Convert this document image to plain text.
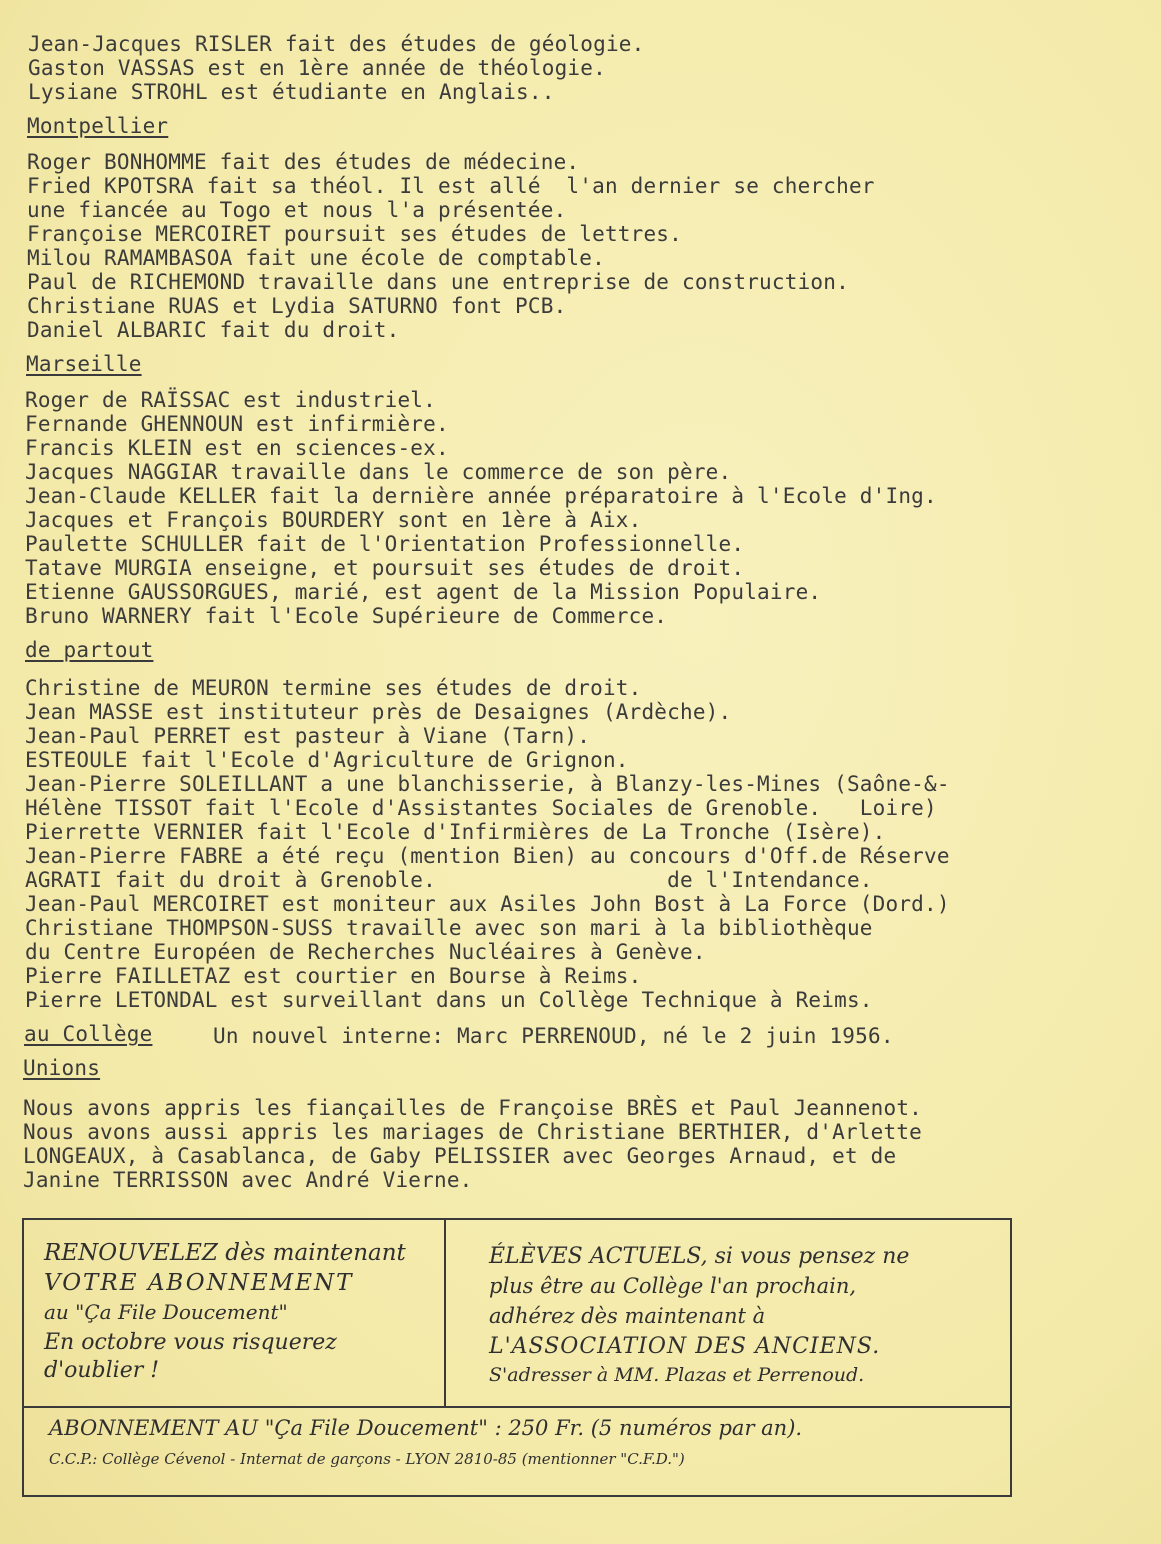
Jean-Jacques RISLER fait des études de géologie.
Gaston VASSAS est en 1ère année de théologie.
Lysiane STROHL est étudiante en Anglais..
Montpellier
Roger BONHOMME fait des études de médecine.
Fried KPOTSRA fait sa théol. Il est allé  l'an dernier se chercher
une fiancée au Togo et nous l'a présentée.
Françoise MERCOIRET poursuit ses études de lettres.
Milou RAMAMBASOA fait une école de comptable.
Paul de RICHEMOND travaille dans une entreprise de construction.
Christiane RUAS et Lydia SATURNO font PCB.
Daniel ALBARIC fait du droit.
Marseille
Roger de RAÏSSAC est industriel.
Fernande GHENNOUN est infirmière.
Francis KLEIN est en sciences-ex.
Jacques NAGGIAR travaille dans le commerce de son père.
Jean-Claude KELLER fait la dernière année préparatoire à l'Ecole d'Ing.
Jacques et François BOURDERY sont en 1ère à Aix.
Paulette SCHULLER fait de l'Orientation Professionnelle.
Tatave MURGIA enseigne, et poursuit ses études de droit.
Etienne GAUSSORGUES, marié, est agent de la Mission Populaire.
Bruno WARNERY fait l'Ecole Supérieure de Commerce.
de partout
Christine de MEURON termine ses études de droit.
Jean MASSE est instituteur près de Desaignes (Ardèche).
Jean-Paul PERRET est pasteur à Viane (Tarn).
ESTEOULE fait l'Ecole d'Agriculture de Grignon.
Jean-Pierre SOLEILLANT a une blanchisserie, à Blanzy-les-Mines (Saône-&-
Hélène TISSOT fait l'Ecole d'Assistantes Sociales de Grenoble.   Loire)
Pierrette VERNIER fait l'Ecole d'Infirmières de La Tronche (Isère).
Jean-Pierre FABRE a été reçu (mention Bien) au concours d'Off.de Réserve
AGRATI fait du droit à Grenoble.                  de l'Intendance.
Jean-Paul MERCOIRET est moniteur aux Asiles John Bost à La Force (Dord.)
Christiane THOMPSON-SUSS travaille avec son mari à la bibliothèque
du Centre Européen de Recherches Nucléaires à Genève.
Pierre FAILLETAZ est courtier en Bourse à Reims.
Pierre LETONDAL est surveillant dans un Collège Technique à Reims.
au Collège	Un nouvel interne: Marc PERRENOUD, né le 2 juin 1956.
Unions
Nous avons appris les fiançailles de Françoise BRÈS et Paul Jeannenot.
Nous avons aussi appris les mariages de Christiane BERTHIER, d'Arlette
LONGEAUX, à Casablanca, de Gaby PELISSIER avec Georges Arnaud, et de
Janine TERRISSON avec André Vierne.
RENOUVELEZ dès maintenant
VOTRE ABONNEMENT
au "Ça File Doucement"
En octobre vous risquerez
d'oublier !
ÉLÈVES ACTUELS, si vous pensez ne
plus être au Collège l'an prochain,
adhérez dès maintenant à
L'ASSOCIATION DES ANCIENS.
S'adresser à MM. Plazas et Perrenoud.
ABONNEMENT AU "Ça File Doucement" : 250 Fr. (5 numéros par an).
C.C.P.: Collège Cévenol - Internat de garçons - LYON 2810-85 (mentionner "C.F.D.")
